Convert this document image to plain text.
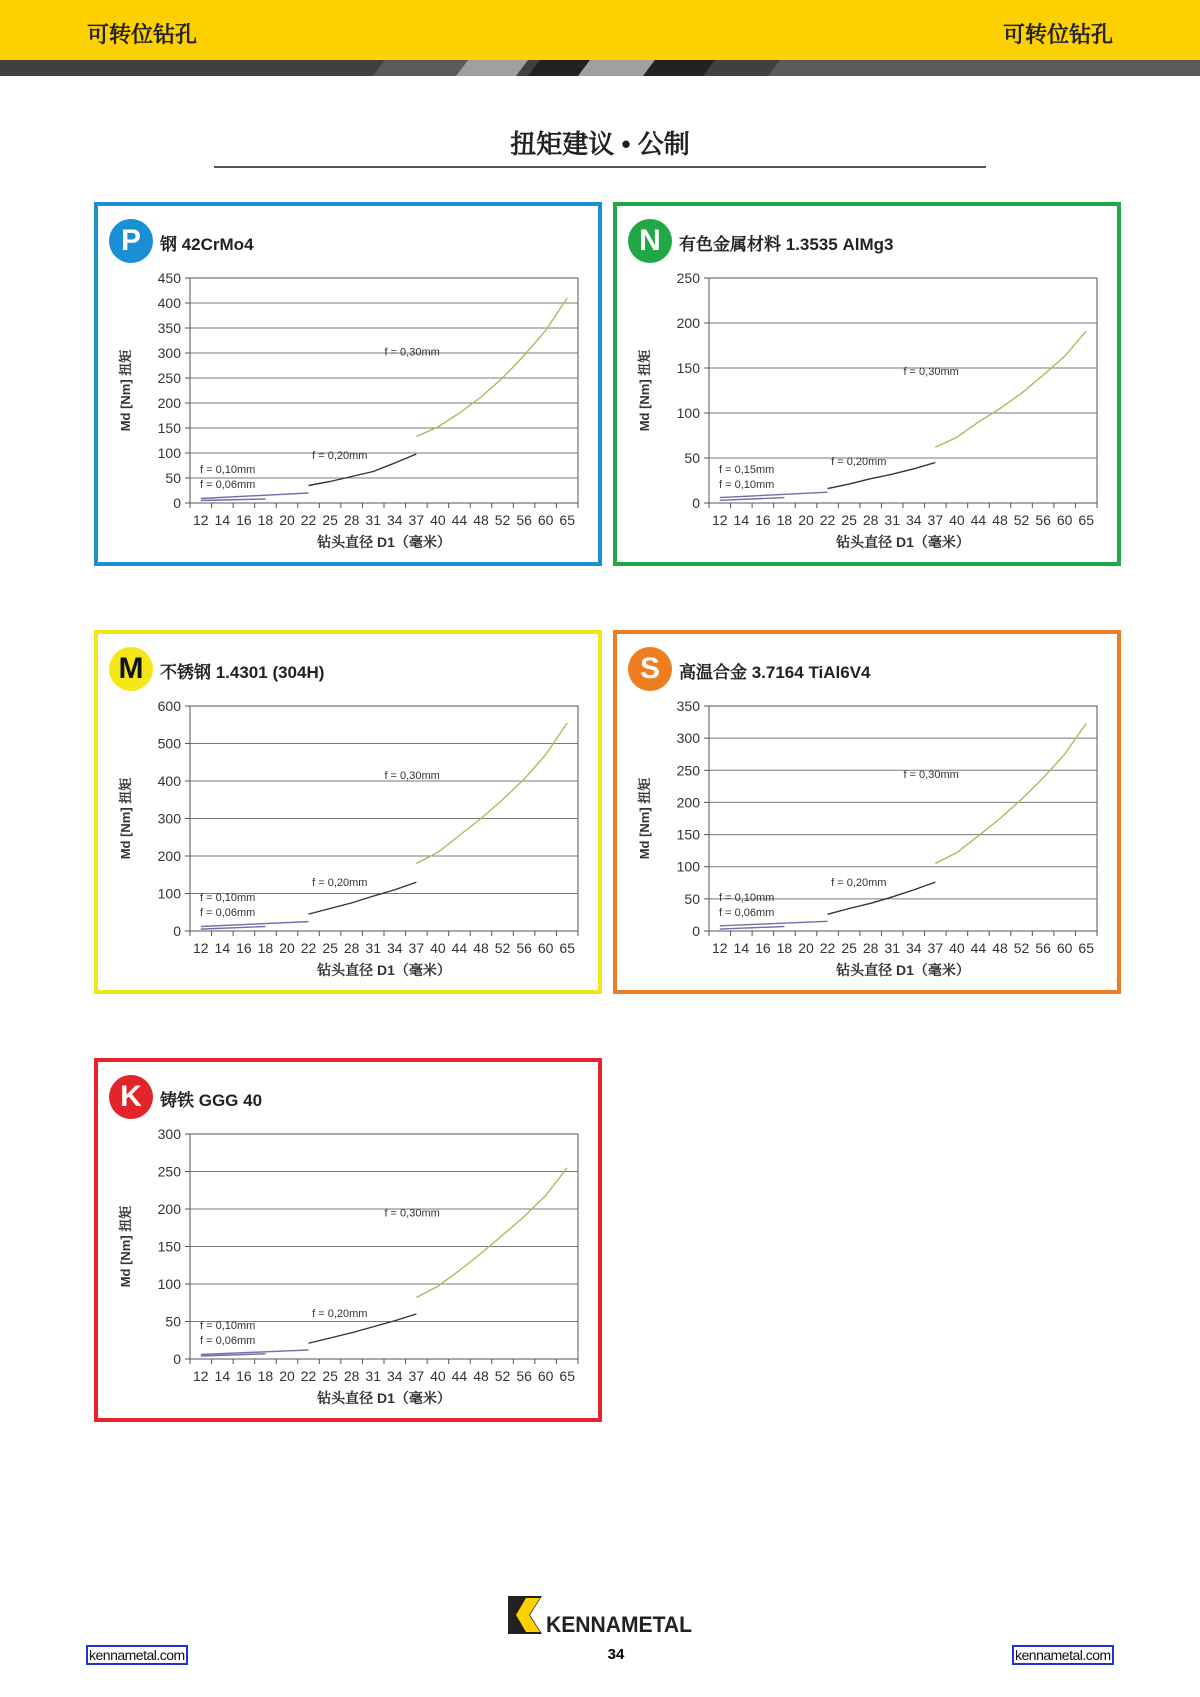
可转位钻孔	可转位钻孔
扭矩建议 • 公制
P	钢 42CrMo4
0
50
100
150
200
250
300
350
400
450
12 14 16 18 20 22 25 28 31 34 37 40 44 48 52 56 60 65
钻头直径 D1（毫米）
Md [Nm] 扭矩
f = 0,10mm
f = 0,06mm
f = 0,20mm
f = 0,30mm
N	有色金属材料 1.3535 AlMg3
0
50
100
150
200
250
12 14 16 18 20 22 25 28 31 34 37 40 44 48 52 56 60 65
钻头直径 D1（毫米）
Md [Nm] 扭矩
f = 0,15mm
f = 0,10mm
f = 0,20mm
f = 0,30mm
M 不锈钢 1.4301 (304H)
0
100
200
300
400
500
600
12 14 16 18 20 22 25 28 31 34 37 40 44 48 52 56 60 65
钻头直径 D1（毫米）
Md [Nm] 扭矩
f = 0,10mm
f = 0,06mm
f = 0,20mm
f = 0,30mm
S	高温合金 3.7164 TiAl6V4
0
50
100
150
200
250
300
350
12 14 16 18 20 22 25 28 31 34 37 40 44 48 52 56 60 65
钻头直径 D1（毫米）
Md [Nm] 扭矩
f = 0,10mm
f = 0,06mm
f = 0,20mm
f = 0,30mm
K	铸铁 GGG 40
0
50
100
150
200
250
300
12 14 16 18 20 22 25 28 31 34 37 40 44 48 52 56 60 65
钻头直径 D1（毫米）
Md [Nm] 扭矩
f = 0,10mm
f = 0,06mm
f = 0,20mm
f = 0,30mm
KENNAMETAL
kennametal.com	34	kennametal.com
